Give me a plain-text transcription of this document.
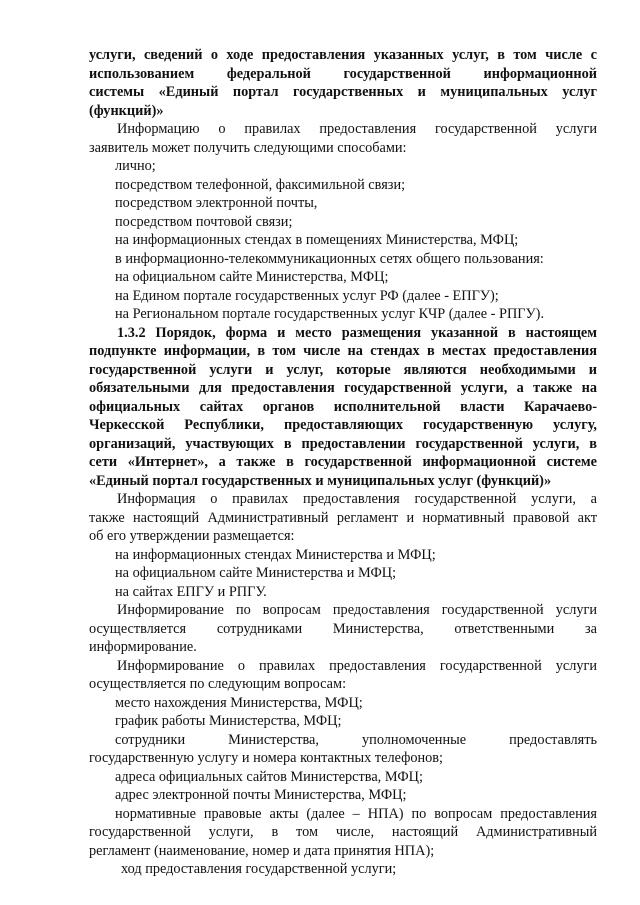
услуги, сведений о ходе предоставления указанных услуг, в том числе с
использованием федеральной государственной информационной
системы «Единый портал государственных и муниципальных услуг
(функций)»
Информацию о правилах предоставления государственной услуги
заявитель может получить следующими способами:
лично;
посредством телефонной, факсимильной связи;
посредством электронной почты,
посредством почтовой связи;
на информационных стендах в помещениях Министерства, МФЦ;
в информационно-телекоммуникационных сетях общего пользования:
на официальном сайте Министерства, МФЦ;
на Едином портале государственных услуг РФ (далее - ЕПГУ);
на Региональном портале государственных услуг КЧР (далее - РПГУ).
1.3.2 Порядок, форма и место размещения указанной в настоящем
подпункте информации, в том числе на стендах в местах предоставления
государственной услуги и услуг, которые являются необходимыми и
обязательными для предоставления государственной услуги, а также на
официальных сайтах органов исполнительной власти Карачаево-
Черкесской Республики, предоставляющих государственную услугу,
организаций, участвующих в предоставлении государственной услуги, в
сети «Интернет», а также в государственной информационной системе
«Единый портал государственных и муниципальных услуг (функций)»
Информация о правилах предоставления государственной услуги, а
также настоящий Административный регламент и нормативный правовой акт
об его утверждении размещается:
на информационных стендах Министерства и МФЦ;
на официальном сайте Министерства и МФЦ;
на сайтах ЕПГУ и РПГУ.
Информирование по вопросам предоставления государственной услуги
осуществляется сотрудниками Министерства, ответственными за
информирование.
Информирование о правилах предоставления государственной услуги
осуществляется по следующим вопросам:
место нахождения Министерства, МФЦ;
график работы Министерства, МФЦ;
сотрудники Министерства, уполномоченные предоставлять
государственную услугу и номера контактных телефонов;
адреса официальных сайтов Министерства, МФЦ;
адрес электронной почты Министерства, МФЦ;
нормативные правовые акты (далее – НПА) по вопросам предоставления
государственной услуги, в том числе, настоящий Административный
регламент (наименование, номер и дата принятия НПА);
ход предоставления государственной услуги;
